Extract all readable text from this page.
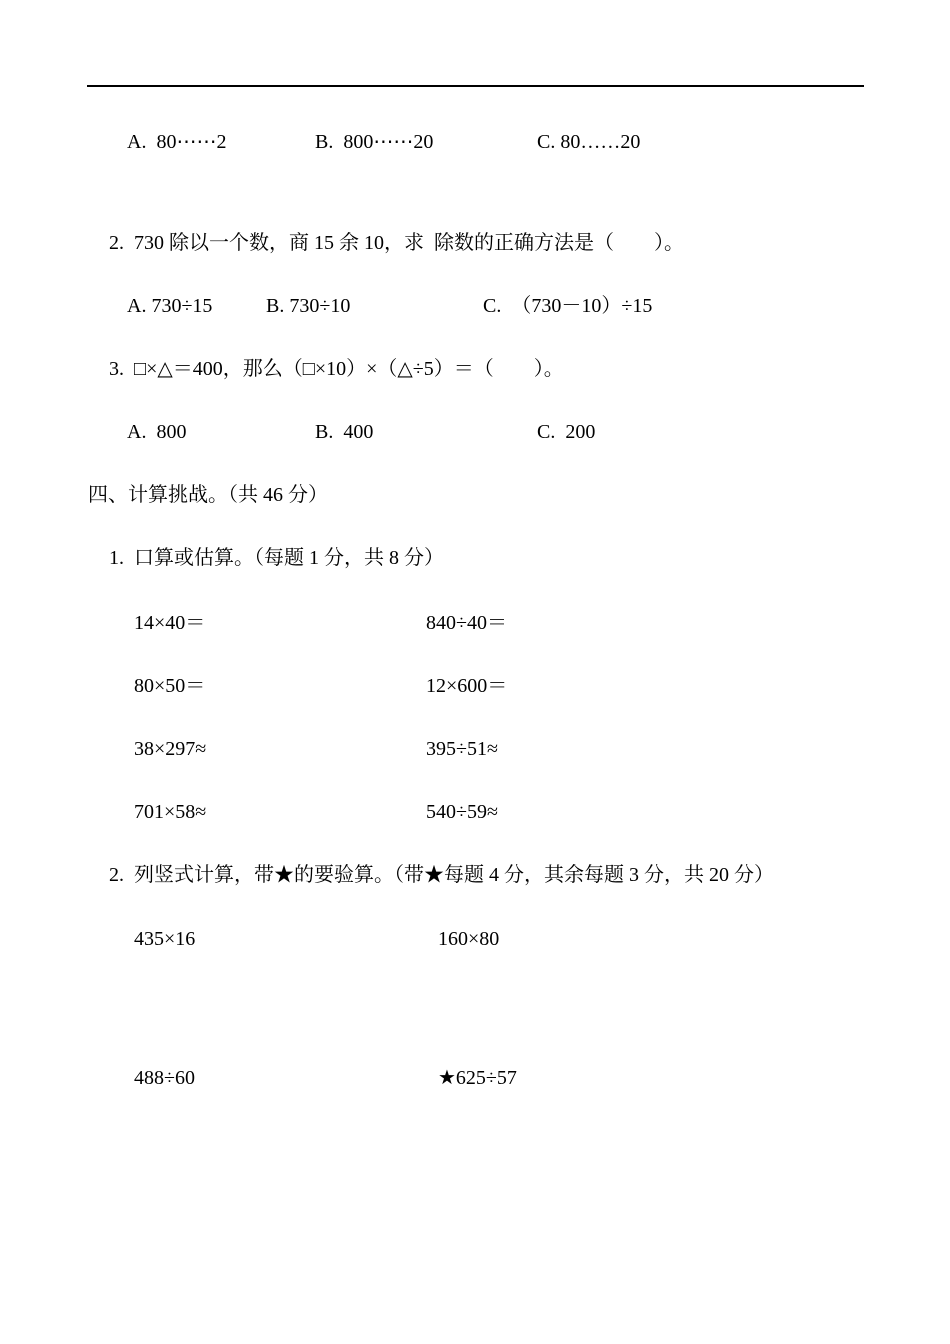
A.  80⋯⋯2	B.  800⋯⋯20	C. 80……20
2.  730 除以一个数，商 15 余 10，求  除数的正确方法是（        ）。
A. 730÷15	B. 730÷10	C.  （730－10）÷15
3.  □×△＝400，那么（□×10）×（△÷5）＝（        ）。
A.  800	B.  400	C.  200
四、计算挑战。（共 46 分）
1.  口算或估算。（每题 1 分，共 8 分）
14×40＝	840÷40＝
80×50＝	12×600＝
38×297≈	395÷51≈
701×58≈	540÷59≈
2.  列竖式计算，带★的要验算。（带★每题 4 分，其余每题 3 分，共 20 分）
435×16	160×80
488÷60	★625÷57
